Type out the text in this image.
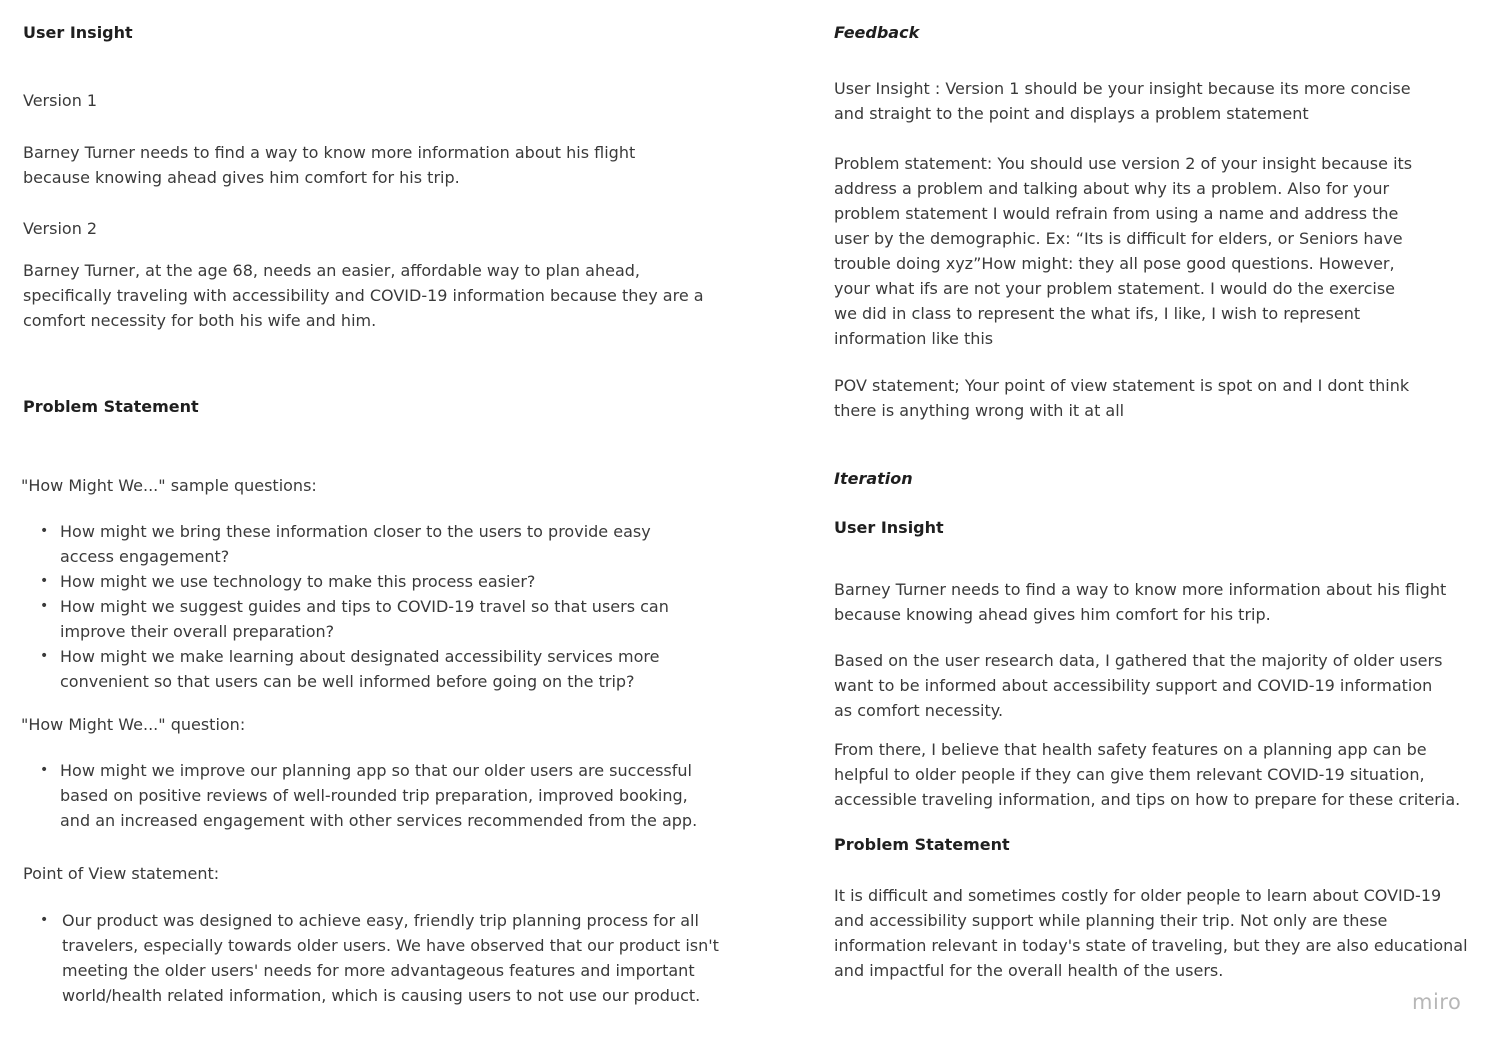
User Insight
Version 1
Barney Turner needs to find a way to know more information about his flight
because knowing ahead gives him comfort for his trip.
Version 2
Barney Turner, at the age 68, needs an easier, affordable way to plan ahead,
specifically traveling with accessibility and COVID-19 information because they are a
comfort necessity for both his wife and him.
Problem Statement
"How Might We..." sample questions:
• How might we bring these information closer to the users to provide easy
access engagement?
• How might we use technology to make this process easier?
• How might we suggest guides and tips to COVID-19 travel so that users can
improve their overall preparation?
• How might we make learning about designated accessibility services more
convenient so that users can be well informed before going on the trip?
"How Might We..." question:
• How might we improve our planning app so that our older users are successful
based on positive reviews of well-rounded trip preparation, improved booking,
and an increased engagement with other services recommended from the app.
Point of View statement:
• Our product was designed to achieve easy, friendly trip planning process for all
travelers, especially towards older users. We have observed that our product isn't
meeting the older users' needs for more advantageous features and important
world/health related information, which is causing users to not use our product.
Feedback
User Insight : Version 1 should be your insight because its more concise
and straight to the point and displays a problem statement
Problem statement: You should use version 2 of your insight because its
address a problem and talking about why its a problem. Also for your
problem statement I would refrain from using a name and address the
user by the demographic. Ex: “Its is difficult for elders, or Seniors have
trouble doing xyz”How might: they all pose good questions. However,
your what ifs are not your problem statement. I would do the exercise
we did in class to represent the what ifs, I like, I wish to represent
information like this
POV statement; Your point of view statement is spot on and I dont think
there is anything wrong with it at all
Iteration
User Insight
Barney Turner needs to find a way to know more information about his flight
because knowing ahead gives him comfort for his trip.
Based on the user research data, I gathered that the majority of older users
want to be informed about accessibility support and COVID-19 information
as comfort necessity.
From there, I believe that health safety features on a planning app can be
helpful to older people if they can give them relevant COVID-19 situation,
accessible traveling information, and tips on how to prepare for these criteria.
Problem Statement
It is difficult and sometimes costly for older people to learn about COVID-19
and accessibility support while planning their trip. Not only are these
information relevant in today's state of traveling, but they are also educational
and impactful for the overall health of the users.
miro
